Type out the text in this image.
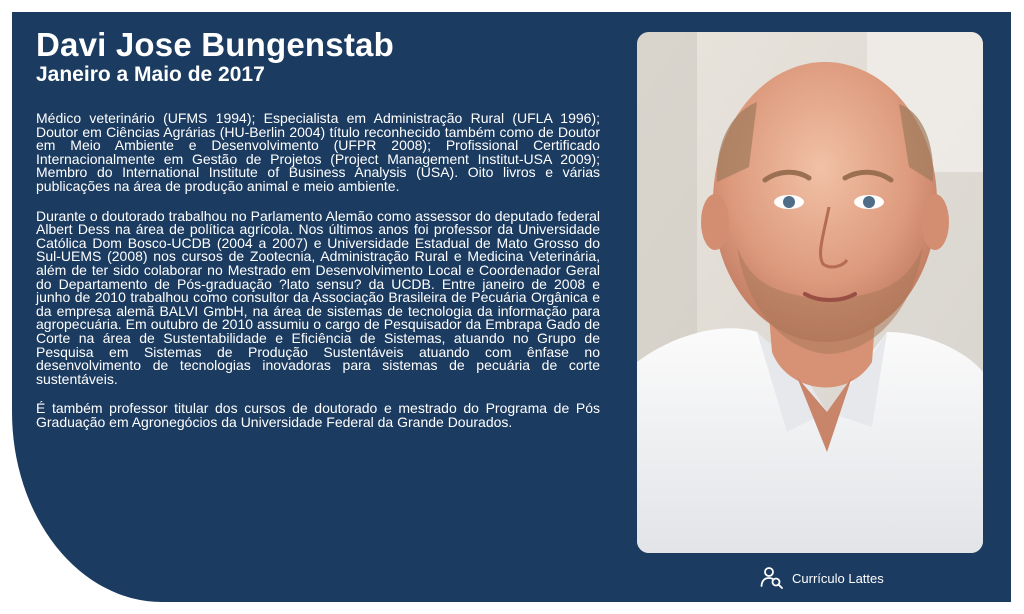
Davi Jose Bungenstab
Janeiro a Maio de 2017

Médico veterinário (UFMS 1994); Especialista em Administração Rural (UFLA 1996); Doutor em Ciências Agrárias (HU-Berlin 2004) título reconhecido também como de Doutor em Meio Ambiente e Desenvolvimento (UFPR 2008); Profissional Certificado Internacionalmente em Gestão de Projetos (Project Management Institut-USA 2009); Membro do International Institute of Business Analysis (USA). Oito livros e várias publicações na área de produção animal e meio ambiente.

Durante o doutorado trabalhou no Parlamento Alemão como assessor do deputado federal Albert Dess na área de política agrícola. Nos últimos anos foi professor da Universidade Católica Dom Bosco-UCDB (2004 a 2007) e Universidade Estadual de Mato Grosso do Sul-UEMS (2008) nos cursos de Zootecnia, Administração Rural e Medicina Veterinária, além de ter sido colaborar no Mestrado em Desenvolvimento Local e Coordenador Geral do Departamento de Pós-graduação ?lato sensu? da UCDB. Entre janeiro de 2008 e junho de 2010 trabalhou como consultor da Associação Brasileira de Pecuária Orgânica e da empresa alemã BALVI GmbH, na área de sistemas de tecnologia da informação para agropecuária. Em outubro de 2010 assumiu o cargo de Pesquisador da Embrapa Gado de Corte na área de Sustentabilidade e Eficiência de Sistemas, atuando no Grupo de Pesquisa em Sistemas de Produção Sustentáveis atuando com ênfase no desenvolvimento de tecnologias inovadoras para sistemas de pecuária de corte sustentáveis.

É também professor titular dos cursos de doutorado e mestrado do Programa de Pós Graduação em Agronegócios da Universidade Federal da Grande Dourados.

Currículo Lattes
